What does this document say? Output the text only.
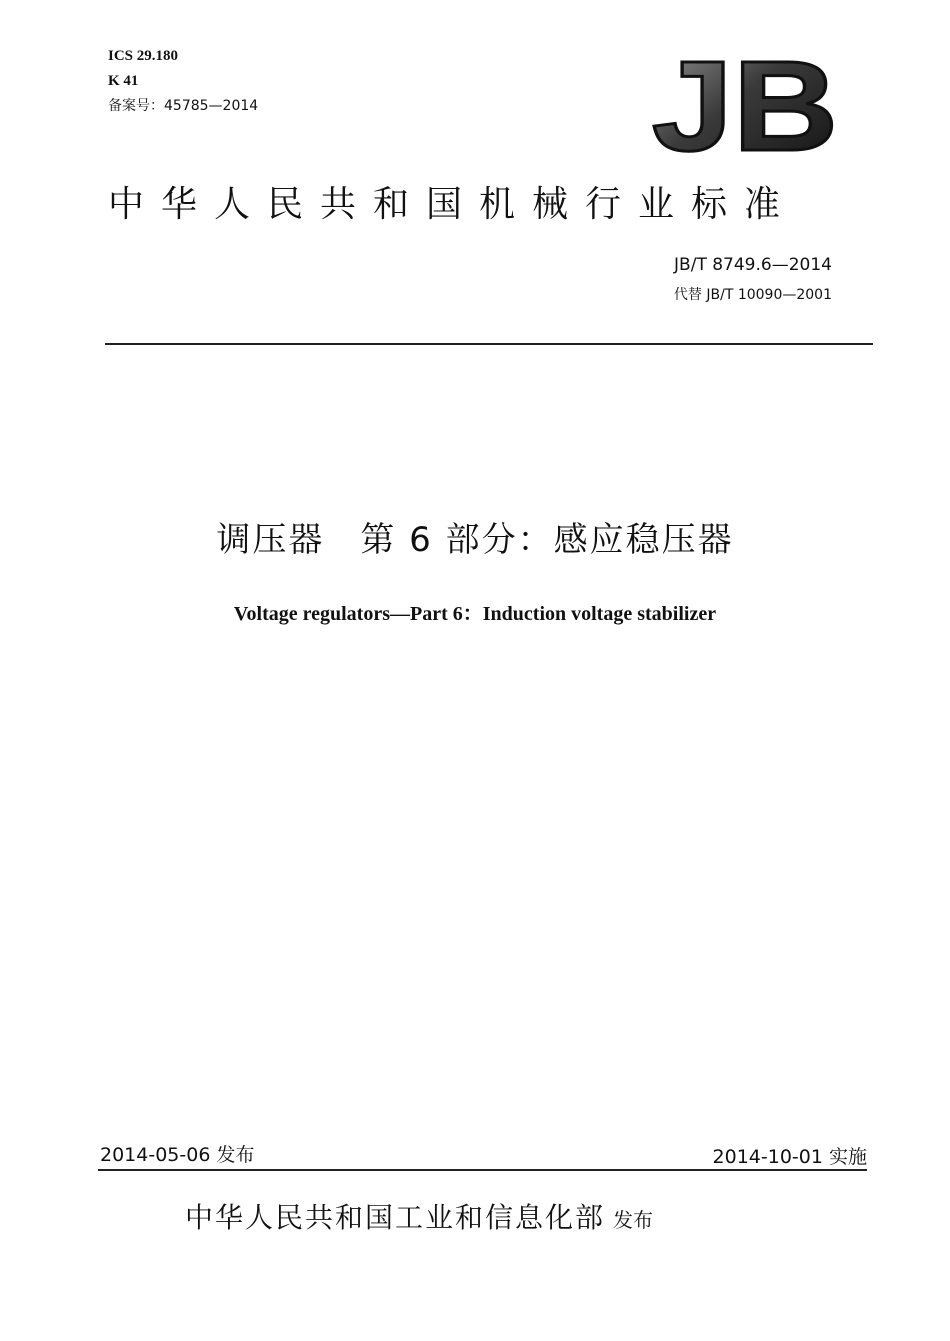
ICS 29.180
K 41
备案号：45785—2014	JB
中华人民共和国机械行业标准
JB/T 8749.6—2014
代替 JB/T 10090—2001
调压器 第 6 部分：感应稳压器
Voltage regulators—Part 6：Induction voltage stabilizer
2014-05-06 发布	2014-10-01 实施
中华人民共和国工业和信息化部 发布
